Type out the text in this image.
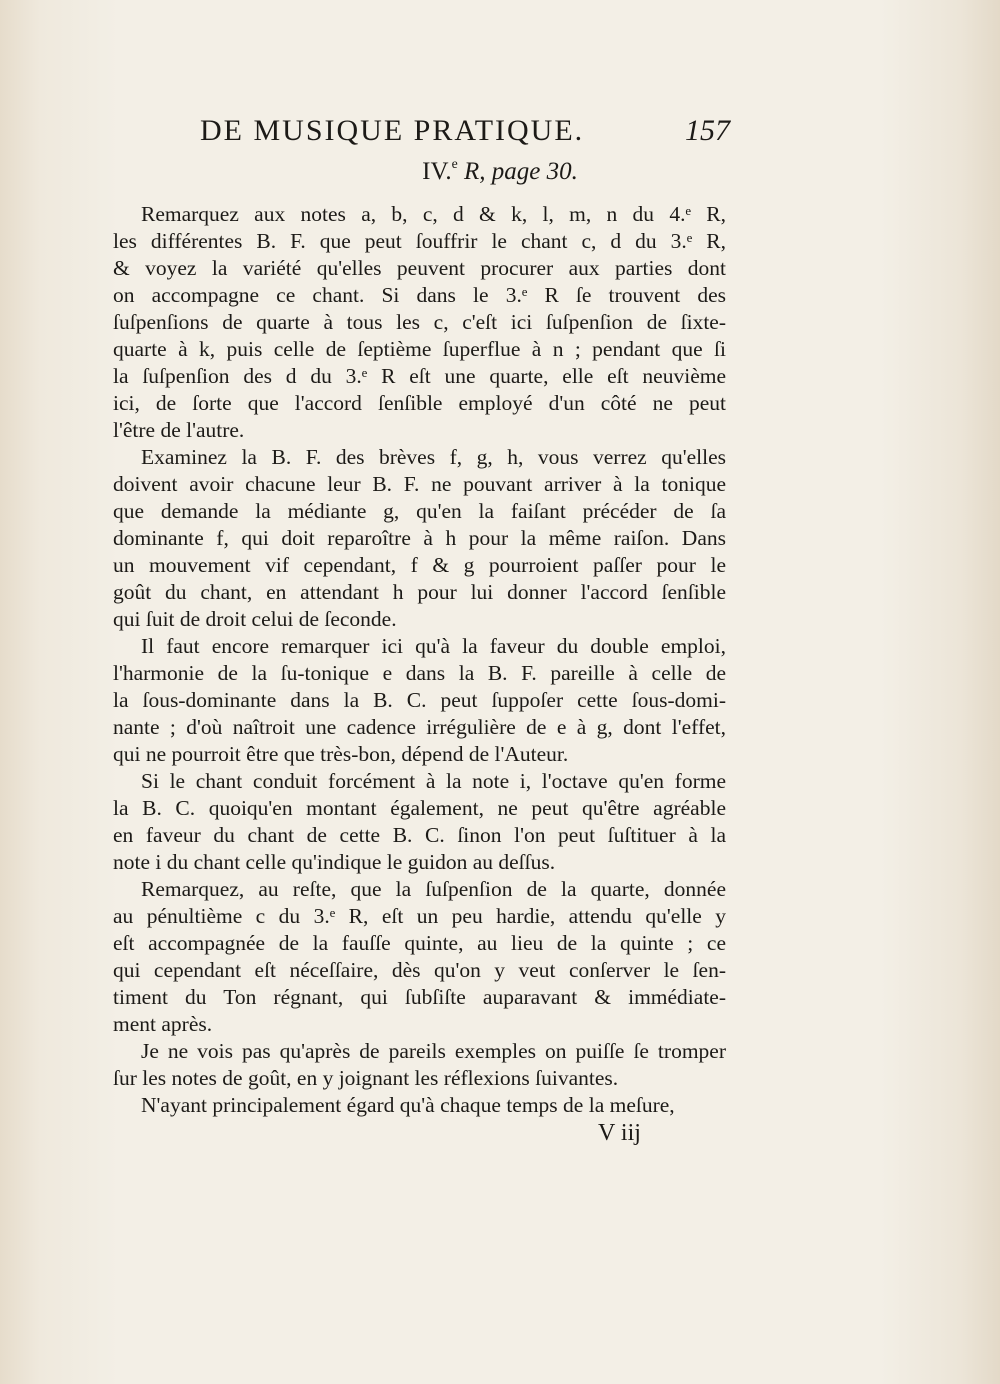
DE MUSIQUE PRATIQUE.	157
IV.$^e$ R, page 30.

Remarquez aux notes a, b, c, d & k, l, m, n du 4.ᵉ R,
les différentes B. F. que peut ſouffrir le chant c, d du 3.ᵉ R,
& voyez la variété qu'elles peuvent procurer aux parties dont
on accompagne ce chant. Si dans le 3.ᵉ R ſe trouvent des
ſuſpenſions de quarte à tous les c, c'eſt ici ſuſpenſion de ſixte-
quarte à k, puis celle de ſeptième ſuperflue à n ; pendant que ſi
la ſuſpenſion des d du 3.ᵉ R eſt une quarte, elle eſt neuvième
ici, de ſorte que l'accord ſenſible employé d'un côté ne peut
l'être de l'autre.

Examinez la B. F. des brèves f, g, h, vous verrez qu'elles
doivent avoir chacune leur B. F. ne pouvant arriver à la tonique
que demande la médiante g, qu'en la faiſant précéder de ſa
dominante f, qui doit reparoître à h pour la même raiſon. Dans
un mouvement vif cependant, f & g pourroient paſſer pour le
goût du chant, en attendant h pour lui donner l'accord ſenſible
qui ſuit de droit celui de ſeconde.

Il faut encore remarquer ici qu'à la faveur du double emploi,
l'harmonie de la ſu-tonique e dans la B. F. pareille à celle de
la ſous-dominante dans la B. C. peut ſuppoſer cette ſous-domi-
nante ; d'où naîtroit une cadence irrégulière de e à g, dont l'effet,
qui ne pourroit être que très-bon, dépend de l'Auteur.

Si le chant conduit forcément à la note i, l'octave qu'en forme
la B. C. quoiqu'en montant également, ne peut qu'être agréable
en faveur du chant de cette B. C. ſinon l'on peut ſuſtituer à la
note i du chant celle qu'indique le guidon au deſſus.

Remarquez, au reſte, que la ſuſpenſion de la quarte, donnée
au pénultième c du 3.ᵉ R, eſt un peu hardie, attendu qu'elle y
eſt accompagnée de la fauſſe quinte, au lieu de la quinte ; ce
qui cependant eſt néceſſaire, dès qu'on y veut conſerver le ſen-
timent du Ton régnant, qui ſubſiſte auparavant & immédiate-
ment après.

Je ne vois pas qu'après de pareils exemples on puiſſe ſe tromper
ſur les notes de goût, en y joignant les réflexions ſuivantes.

N'ayant principalement égard qu'à chaque temps de la meſure,

V iij
